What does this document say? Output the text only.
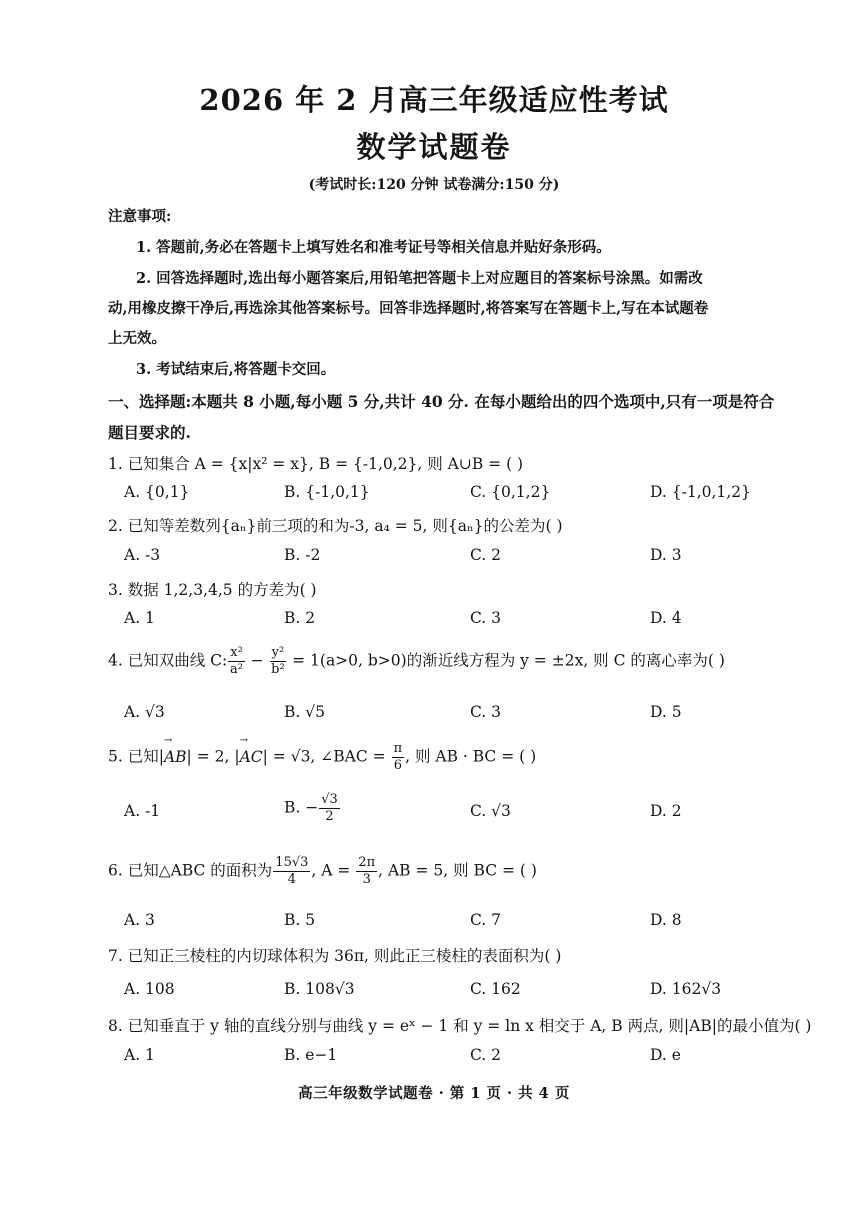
2026 年 2 月高三年级适应性考试
数学试题卷
(考试时长:120 分钟 试卷满分:150 分)
注意事项:
1. 答题前,务必在答题卡上填写姓名和准考证号等相关信息并贴好条形码。
2. 回答选择题时,选出每小题答案后,用铅笔把答题卡上对应题目的答案标号涂黑。如需改
动,用橡皮擦干净后,再选涂其他答案标号。回答非选择题时,将答案写在答题卡上,写在本试题卷
上无效。
3. 考试结束后,将答题卡交回。
一、选择题:本题共 8 小题,每小题 5 分,共计 40 分. 在每小题给出的四个选项中,只有一项是符合
题目要求的.
1. 已知集合 A = {x|x² = x}, B = {-1,0,2}, 则 A∪B = ( )
A. {0,1}	B. {-1,0,1}	C. {0,1,2}	D. {-1,0,1,2}
2. 已知等差数列{aₙ}前三项的和为-3, a₄ = 5, 则{aₙ}的公差为( )
A. -3	B. -2	C. 2	D. 3
3. 数据 1,2,3,4,5 的方差为( )
A. 1	B. 2	C. 3	D. 4
4. 已知双曲线 C: $\frac{\text{x²}}{\text{a²}} - \frac{\text{y²}}{\text{b²}} = 1(a>0$, b>0)的渐近线方程为 y = ±2x, 则 C 的离心率为( )
A. √3	B. √5	C. 3	D. 5
5. 已知|→ AB| = 2, |→ AC| = √3, ∠BAC = $\frac{\pi}{6}$ , 则 AB · BC = ( )
A. -1	B. − $\frac{√3}{2}$	C. √3	D. 2
6. 已知△ABC 的面积为 $\frac{15√3}{4}$ , $A = \frac{2\pi}{3}$ , AB = 5, 则 BC = ( )
A. 3	B. 5	C. 7	D. 8
7. 已知正三棱柱的内切球体积为 36π, 则此正三棱柱的表面积为( )
A. 108	B. 108√3	C. 162	D. 162√3
8. 已知垂直于 y 轴的直线分别与曲线 y = eˣ − 1 和 y = ln x 相交于 A, B 两点, 则|AB|的最小值为( )
A. 1	B. e−1	C. 2	D. e
高三年级数学试题卷 · 第 1 页 · 共 4 页
